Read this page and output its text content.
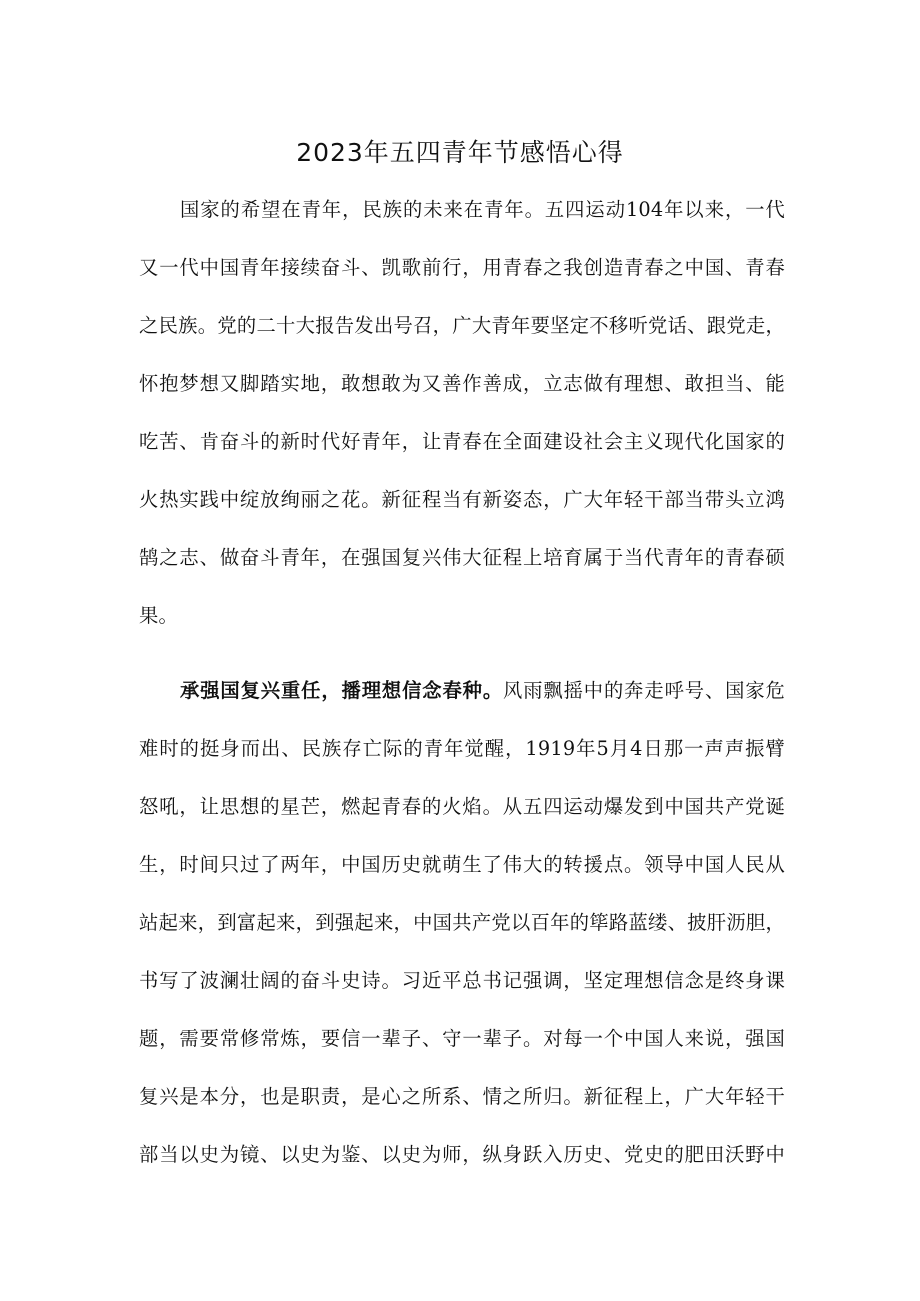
2023年五四青年节感悟心得

国家的希望在青年，民族的未来在青年。五四运动104年以来，一代
又一代中国青年接续奋斗、凯歌前行，用青春之我创造青春之中国、青春
之民族。党的二十大报告发出号召，广大青年要坚定不移听党话、跟党走，
怀抱梦想又脚踏实地，敢想敢为又善作善成，立志做有理想、敢担当、能
吃苦、肯奋斗的新时代好青年，让青春在全面建设社会主义现代化国家的
火热实践中绽放绚丽之花。新征程当有新姿态，广大年轻干部当带头立鸿
鹄之志、做奋斗青年，在强国复兴伟大征程上培育属于当代青年的青春硕
果。

承强国复兴重任，播理想信念春种。风雨飘摇中的奔走呼号、国家危
难时的挺身而出、民族存亡际的青年觉醒，1919年5月4日那一声声振臂
怒吼，让思想的星芒，燃起青春的火焰。从五四运动爆发到中国共产党诞
生，时间只过了两年，中国历史就萌生了伟大的转援点。领导中国人民从
站起来，到富起来，到强起来，中国共产党以百年的筚路蓝缕、披肝沥胆，
书写了波澜壮阔的奋斗史诗。习近平总书记强调，坚定理想信念是终身课
题，需要常修常炼，要信一辈子、守一辈子。对每一个中国人来说，强国
复兴是本分，也是职责，是心之所系、情之所归。新征程上，广大年轻干
部当以史为镜、以史为鉴、以史为师，纵身跃入历史、党史的肥田沃野中
